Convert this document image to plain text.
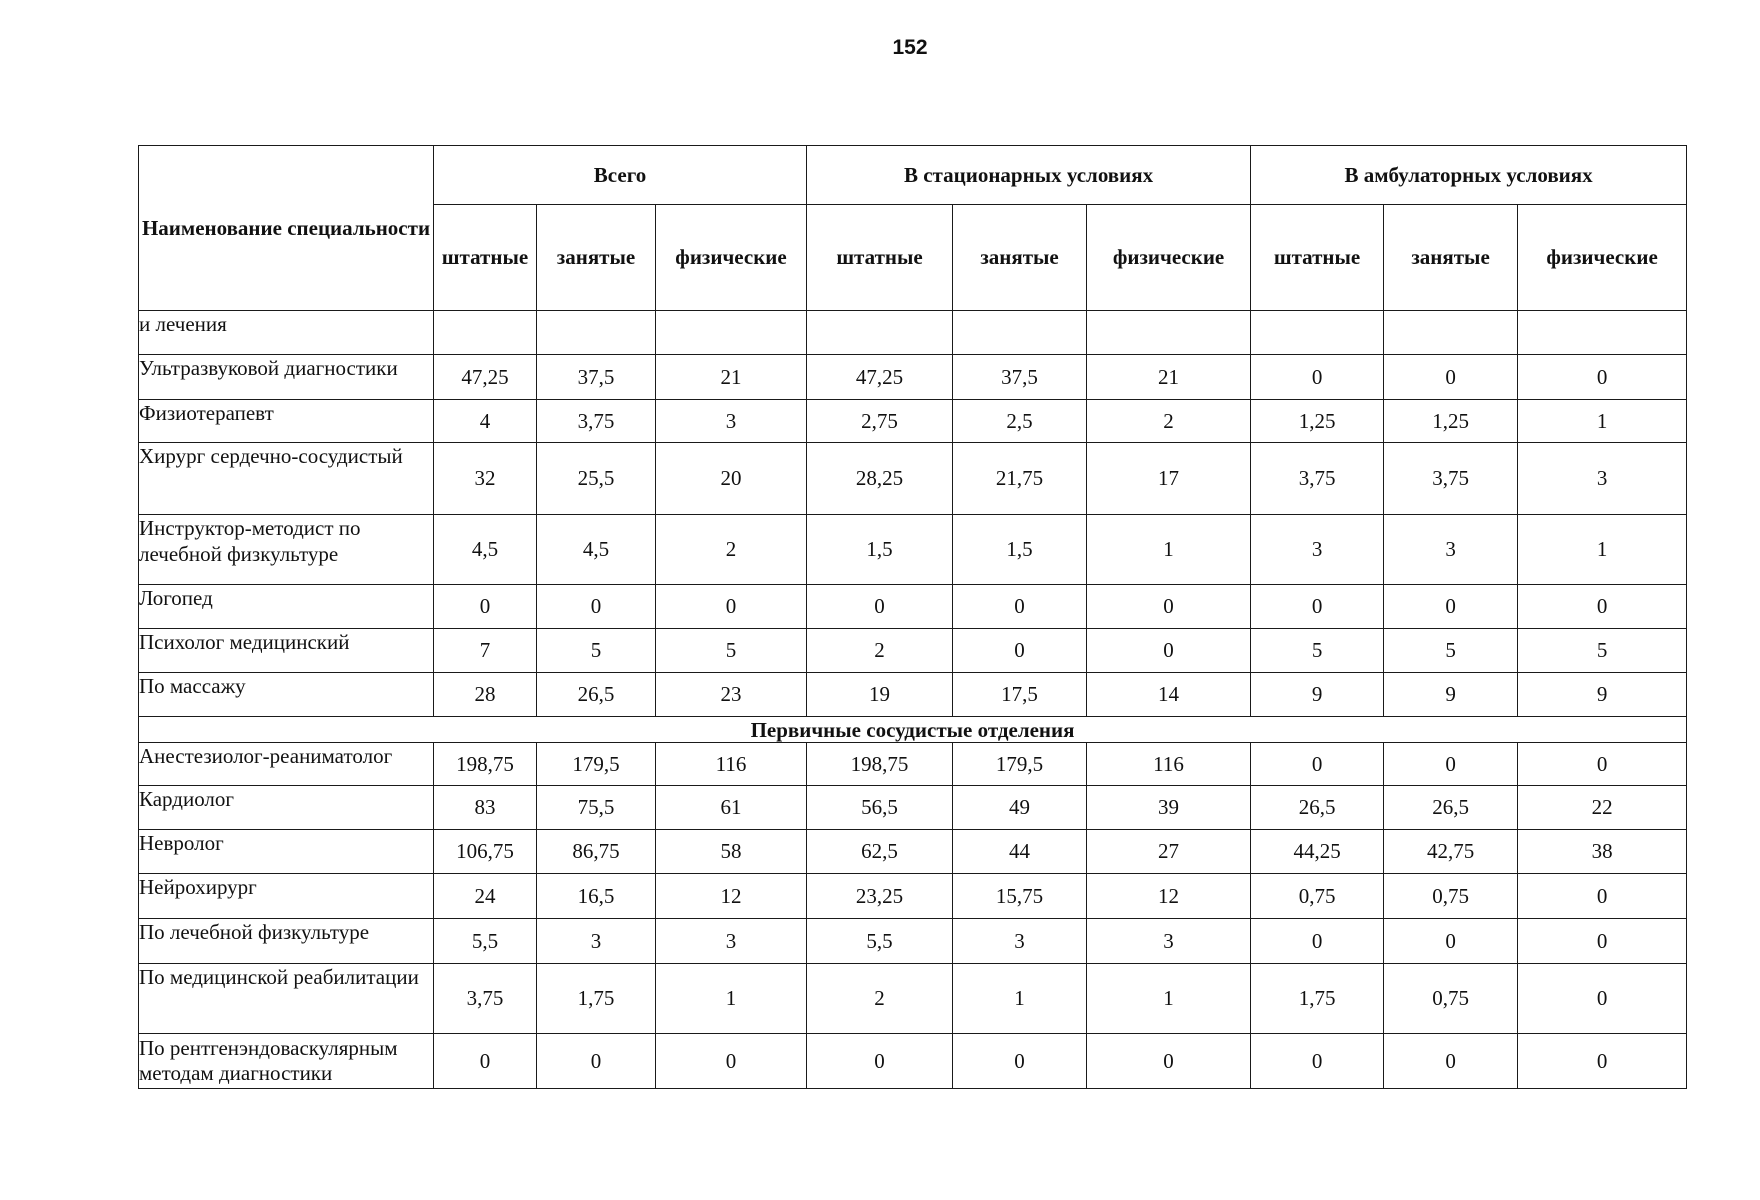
152
Наименование специальности	Всего			В стационарных условиях			В амбулаторных условиях		
	штатные	занятые	физические	штатные	занятые	физические	штатные	занятые	физические
и лечения									
Ультразвуковой диагностики	47,25	37,5	21	47,25	37,5	21	0	0	0
Физиотерапевт	4	3,75	3	2,75	2,5	2	1,25	1,25	1
Хирург сердечно-сосудистый	32	25,5	20	28,25	21,75	17	3,75	3,75	3
Инструктор-методист по лечебной физкультуре	4,5	4,5	2	1,5	1,5	1	3	3	1
Логопед	0	0	0	0	0	0	0	0	0
Психолог медицинский	7	5	5	2	0	0	5	5	5
По массажу	28	26,5	23	19	17,5	14	9	9	9
Первичные сосудистые отделения									
Анестезиолог-реаниматолог	198,75	179,5	116	198,75	179,5	116	0	0	0
Кардиолог	83	75,5	61	56,5	49	39	26,5	26,5	22
Невролог	106,75	86,75	58	62,5	44	27	44,25	42,75	38
Нейрохирург	24	16,5	12	23,25	15,75	12	0,75	0,75	0
По лечебной физкультуре	5,5	3	3	5,5	3	3	0	0	0
По медицинской реабилитации	3,75	1,75	1	2	1	1	1,75	0,75	0
По рентгенэндоваскулярным методам диагностики	0	0	0	0	0	0	0	0	0
